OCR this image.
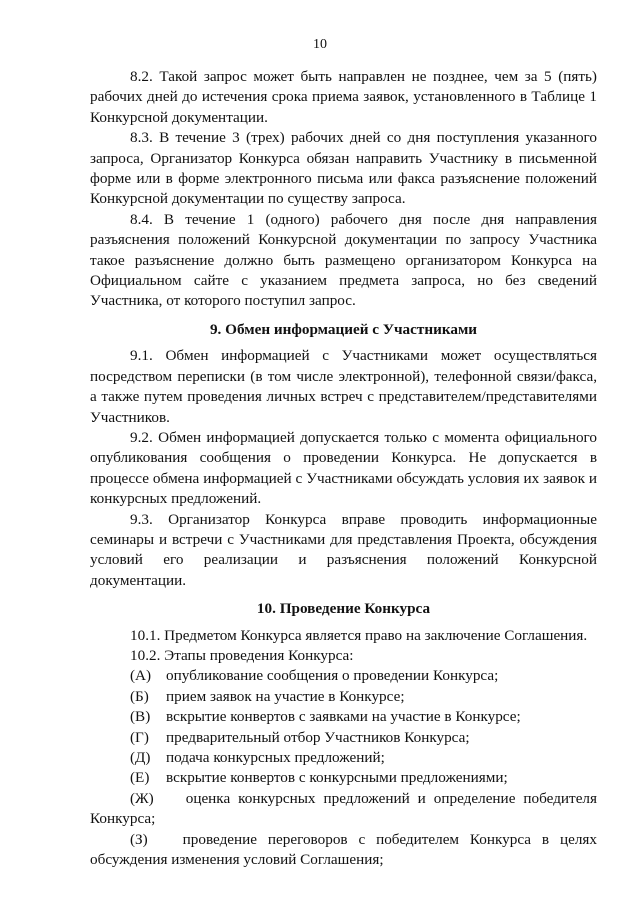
10

8.2. Такой запрос может быть направлен не позднее, чем за 5 (пять) рабочих дней до истечения срока приема заявок, установленного в Таблице 1 Конкурсной документации.

8.3. В течение 3 (трех) рабочих дней со дня поступления указанного запроса, Организатор Конкурса обязан направить Участнику в письменной форме или в форме электронного письма или факса разъяснение положений Конкурсной документации по существу запроса.

8.4. В течение 1 (одного) рабочего дня после дня направления разъяснения положений Конкурсной документации по запросу Участника такое разъяснение должно быть размещено организатором Конкурса на Официальном сайте с указанием предмета запроса, но без сведений Участника, от которого поступил запрос.

9. Обмен информацией с Участниками

9.1. Обмен информацией с Участниками может осуществляться посредством переписки (в том числе электронной), телефонной связи/факса, а также путем проведения личных встреч с представителем/представителями Участников.

9.2. Обмен информацией допускается только с момента официального опубликования сообщения о проведении Конкурса. Не допускается в процессе обмена информацией с Участниками обсуждать условия их заявок и конкурсных предложений.

9.3. Организатор Конкурса вправе проводить информационные семинары и встречи с Участниками для представления Проекта, обсуждения условий его реализации и разъяснения положений Конкурсной документации.

10. Проведение Конкурса

10.1. Предметом Конкурса является право на заключение Соглашения.

10.2. Этапы проведения Конкурса:

(А) опубликование сообщения о проведении Конкурса;
(Б)	прием заявок на участие в Конкурсе;
(В)	вскрытие конвертов с заявками на участие в Конкурсе;
(Г)	предварительный отбор Участников Конкурса;
(Д)	подача конкурсных предложений;
(Е)	вскрытие конвертов с конкурсными предложениями;
(Ж) оценка конкурсных предложений и определение победителя Конкурса;
(З) проведение переговоров с победителем Конкурса в целях обсуждения изменения условий Соглашения;
